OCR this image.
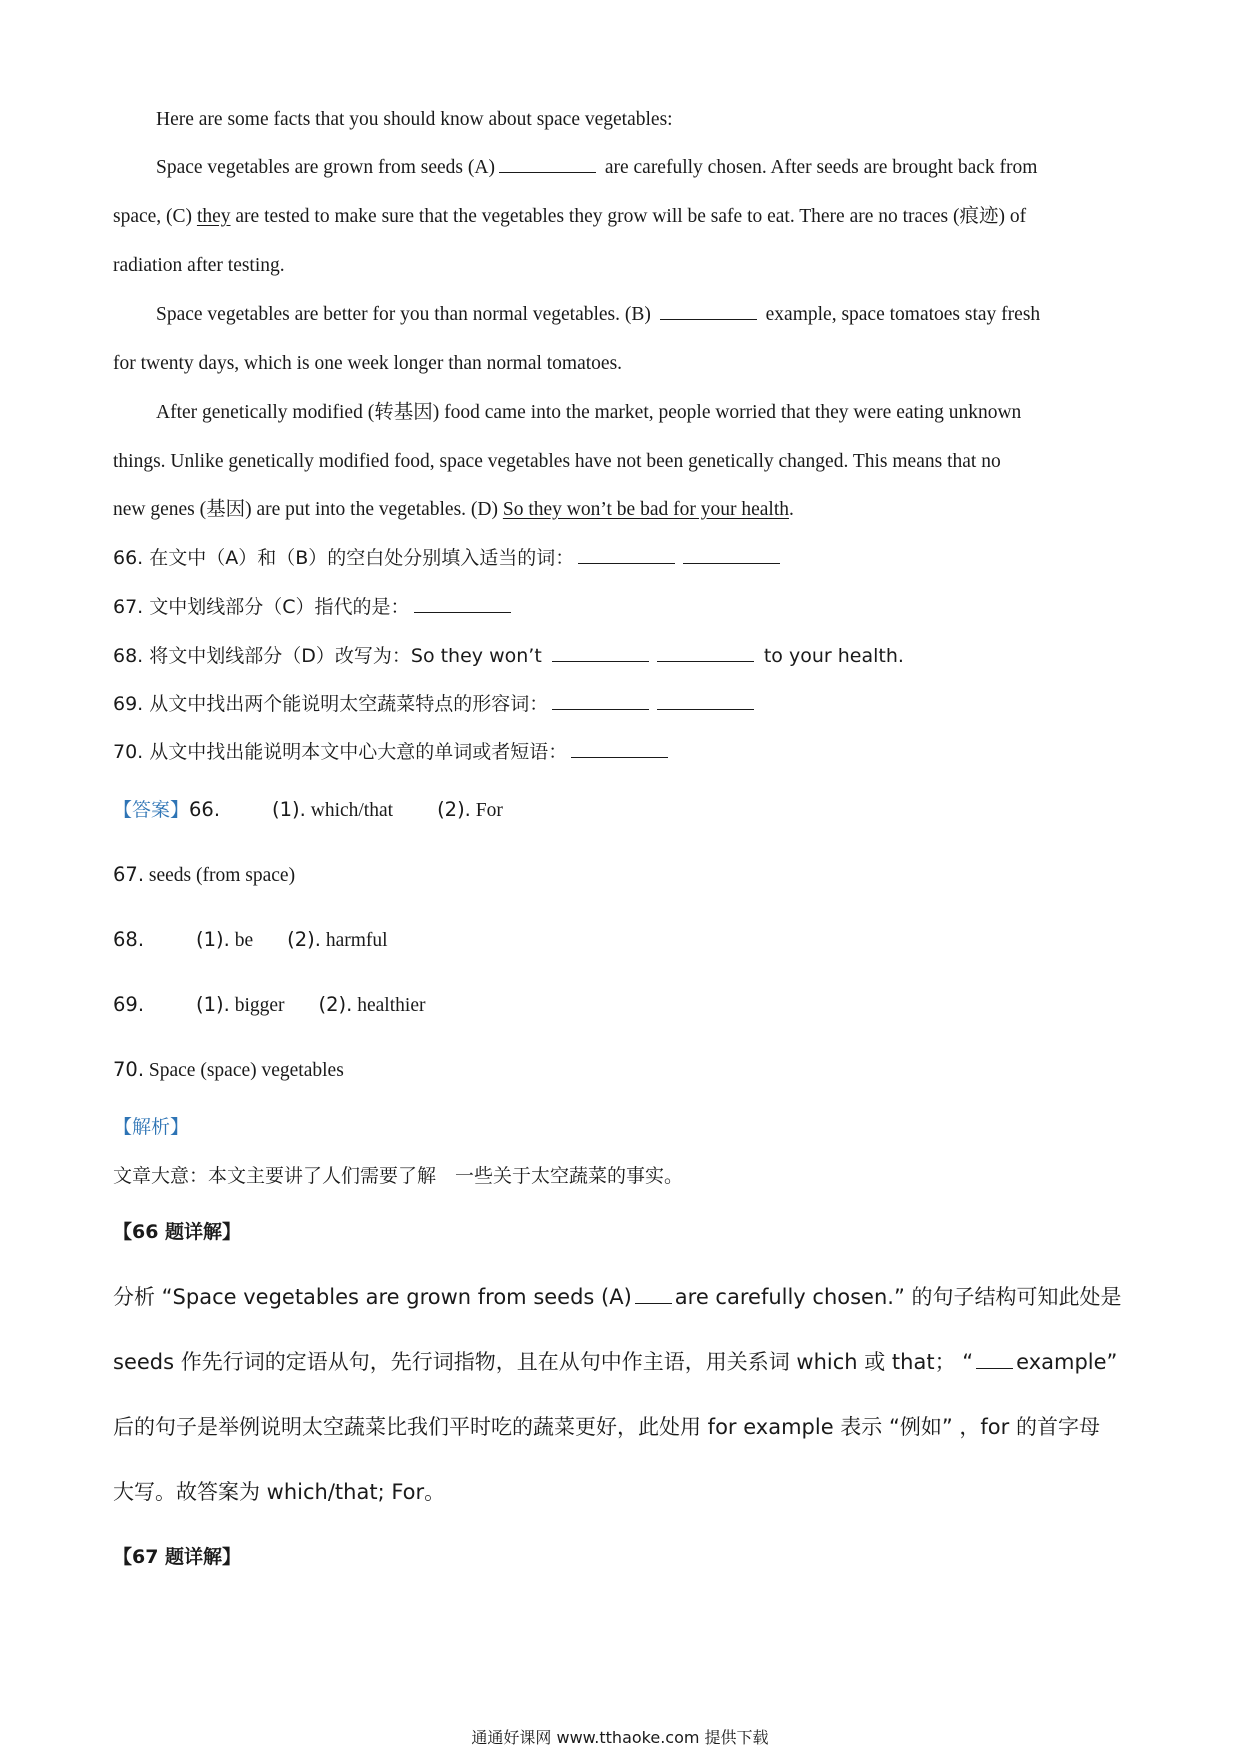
Here are some facts that you should know about space vegetables:
Space vegetables are grown from seeds (A)	are carefully chosen. After seeds are brought back from
space, (C) they are tested to make sure that the vegetables they grow will be safe to eat. There are no traces (痕迹) of
radiation after testing.
Space vegetables are better for you than normal vegetables. (B)	example, space tomatoes stay fresh
for twenty days, which is one week longer than normal tomatoes.
After genetically modified (转基因) food came into the market, people worried that they were eating unknown
things. Unlike genetically modified food, space vegetables have not been genetically changed. This means that no
new genes (基因) are put into the vegetables. (D) So they won’t be bad for your health.
66. 在文中（A）和（B）的空白处分别填入适当的词：
67. 文中划线部分（C）指代的是：
68. 将文中划线部分（D）改写为：So they won’t	to your health.
69. 从文中找出两个能说明太空蔬菜特点的形容词：
70. 从文中找出能说明本文中心大意的单词或者短语：
【答案】66.	(1). which/that (2). For
67. seeds (from space)
68.	(1). be (2). harmful
69.	(1). bigger (2). healthier
70. Space (space) vegetables
【解析】
文章大意：本文主要讲了人们需要了解　一些关于太空蔬菜的事实。
【66 题详解】
分析 “Space vegetables are grown from seeds (A) are carefully chosen.” 的句子结构可知此处是
seeds 作先行词的定语从句，先行词指物，且在从句中作主语，用关系词 which 或 that； “ example”
后的句子是举例说明太空蔬菜比我们平时吃的蔬菜更好，此处用 for example 表示 “例如” ，for 的首字母
大写。故答案为 which/that; For。
【67 题详解】
通通好课网 www.tthaoke.com 提供下载
